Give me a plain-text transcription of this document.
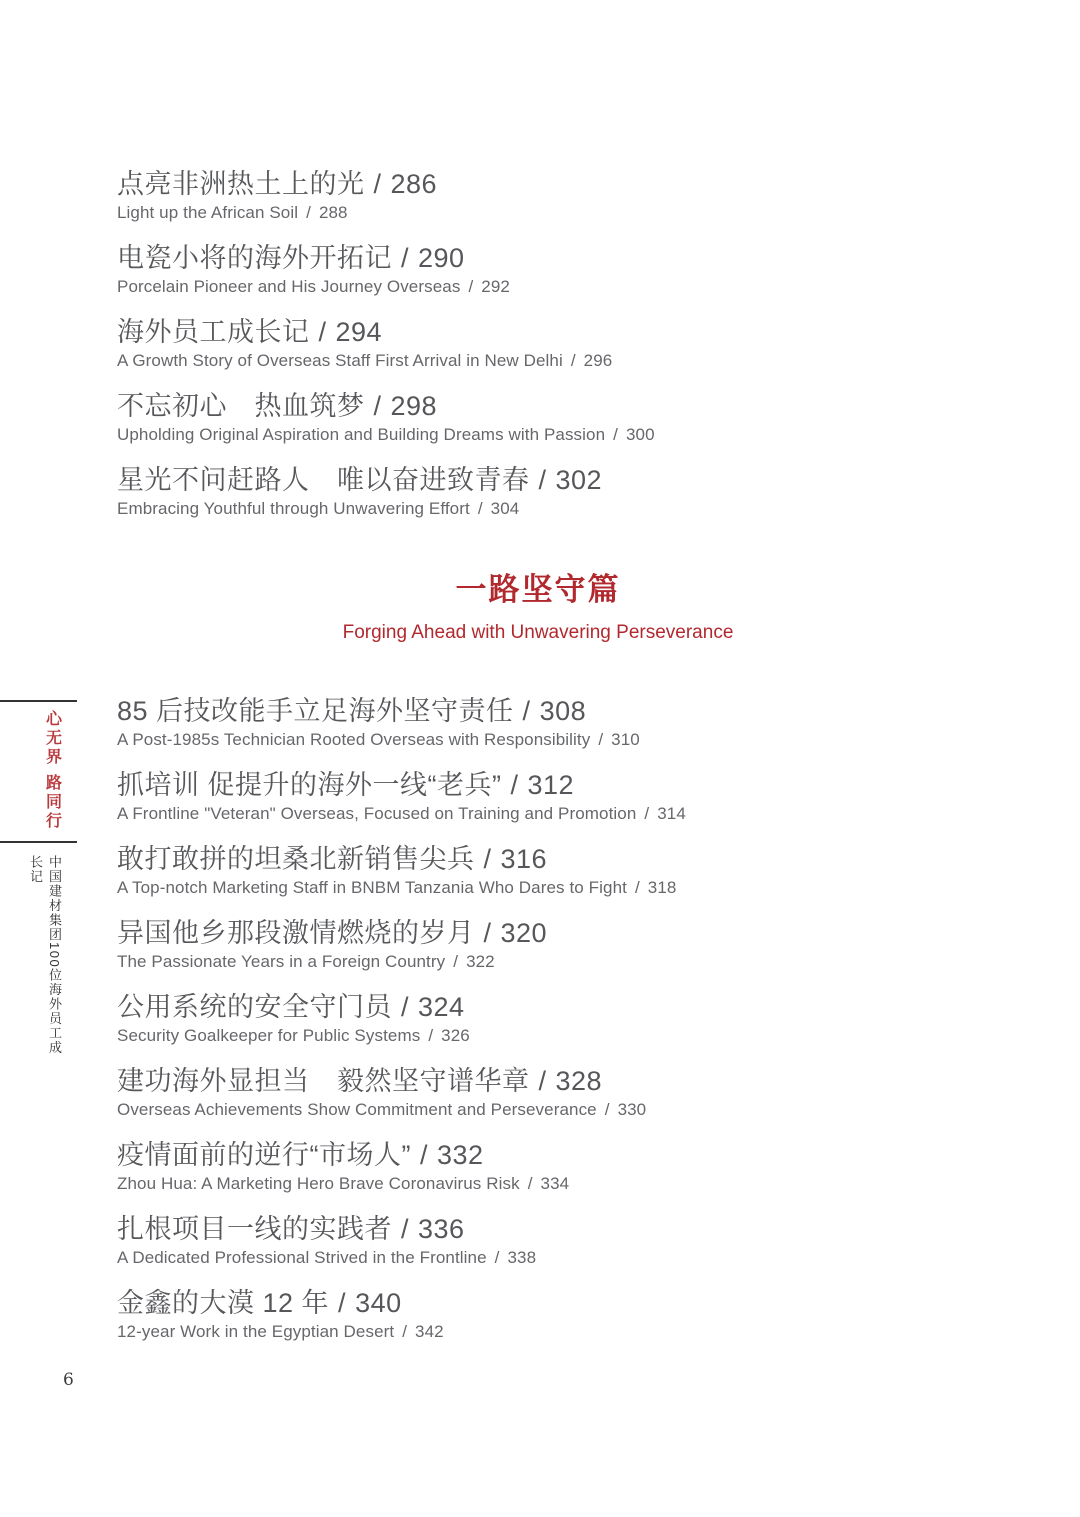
心无界
路同行
中国建材集团100位海外员工成长记
点亮非洲热土上的光 / 286
Light up the African Soil / 288
电瓷小将的海外开拓记 / 290
Porcelain Pioneer and His Journey Overseas / 292
海外员工成长记 / 294
A Growth Story of Overseas Staff First Arrival in New Delhi / 296
不忘初心　热血筑梦 / 298
Upholding Original Aspiration and Building Dreams with Passion / 300
星光不问赶路人　唯以奋进致青春 / 302
Embracing Youthful through Unwavering Effort / 304
一路坚守篇
Forging Ahead with Unwavering Perseverance
85 后技改能手立足海外坚守责任 / 308
A Post-1985s Technician Rooted Overseas with Responsibility / 310
抓培训 促提升的海外一线“老兵” / 312
A Frontline "Veteran" Overseas, Focused on Training and Promotion / 314
敢打敢拼的坦桑北新销售尖兵 / 316
A Top-notch Marketing Staff in BNBM Tanzania Who Dares to Fight / 318
异国他乡那段激情燃烧的岁月 / 320
The Passionate Years in a Foreign Country / 322
公用系统的安全守门员 / 324
Security Goalkeeper for Public Systems / 326
建功海外显担当　毅然坚守谱华章 / 328
Overseas Achievements Show Commitment and Perseverance / 330
疫情面前的逆行“市场人” / 332
Zhou Hua: A Marketing Hero Brave Coronavirus Risk / 334
扎根项目一线的实践者 / 336
A Dedicated Professional Strived in the Frontline / 338
金鑫的大漠 12 年 / 340
12-year Work in the Egyptian Desert / 342
6
